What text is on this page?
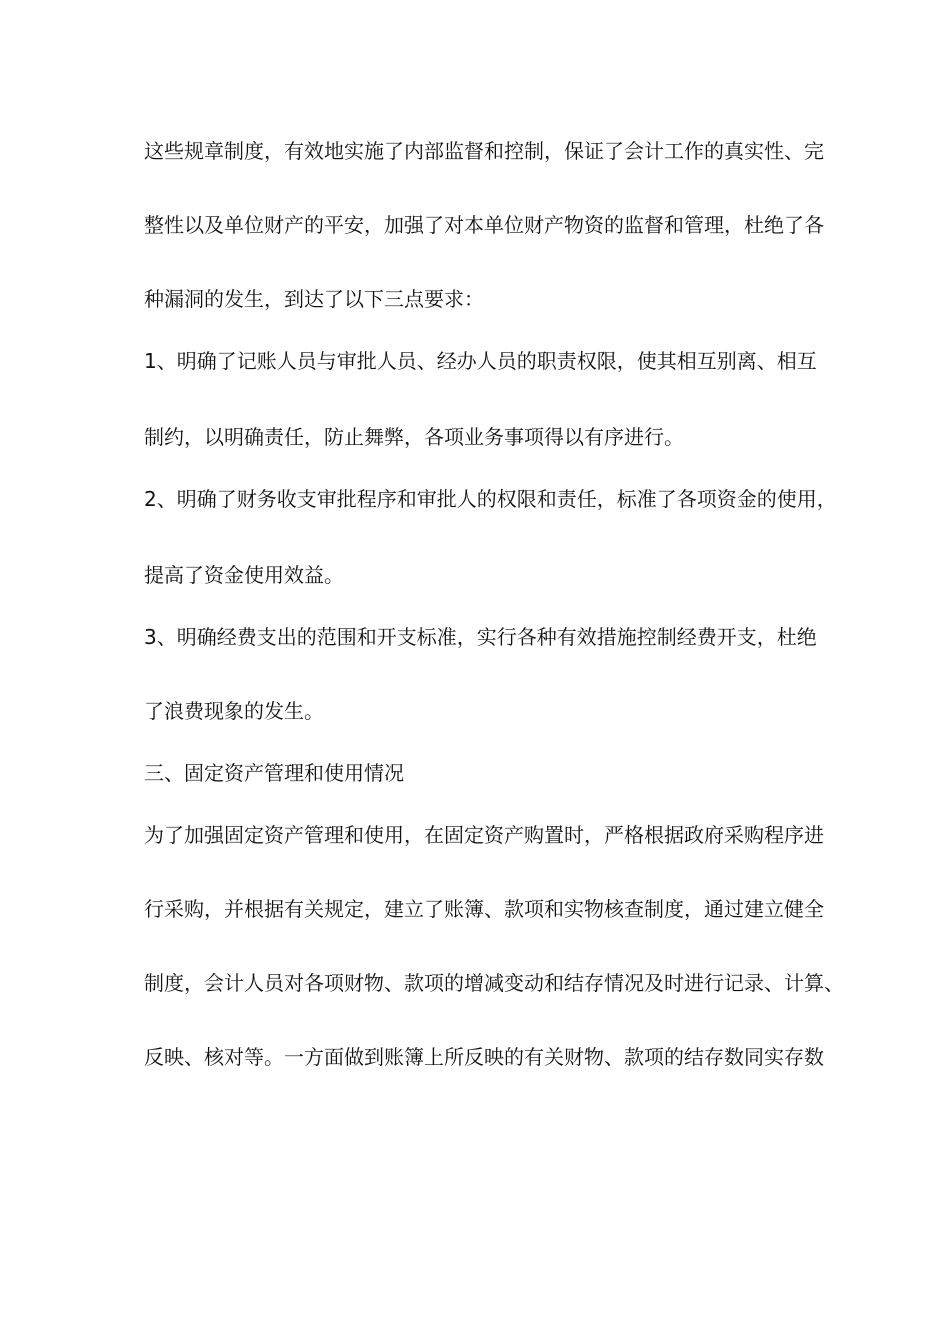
这些规章制度，有效地实施了内部监督和控制，保证了会计工作的真实性、完
整性以及单位财产的平安，加强了对本单位财产物资的监督和管理，杜绝了各
种漏洞的发生，到达了以下三点要求：
1、明确了记账人员与审批人员、经办人员的职责权限，使其相互别离、相互
制约，以明确责任，防止舞弊，各项业务事项得以有序进行。
2、明确了财务收支审批程序和审批人的权限和责任，标准了各项资金的使用，
提高了资金使用效益。
3、明确经费支出的范围和开支标准，实行各种有效措施控制经费开支，杜绝
了浪费现象的发生。
三、固定资产管理和使用情况
为了加强固定资产管理和使用，在固定资产购置时，严格根据政府采购程序进
行采购，并根据有关规定，建立了账簿、款项和实物核查制度，通过建立健全
制度，会计人员对各项财物、款项的增减变动和结存情况及时进行记录、计算、
反映、核对等。一方面做到账簿上所反映的有关财物、款项的结存数同实存数
